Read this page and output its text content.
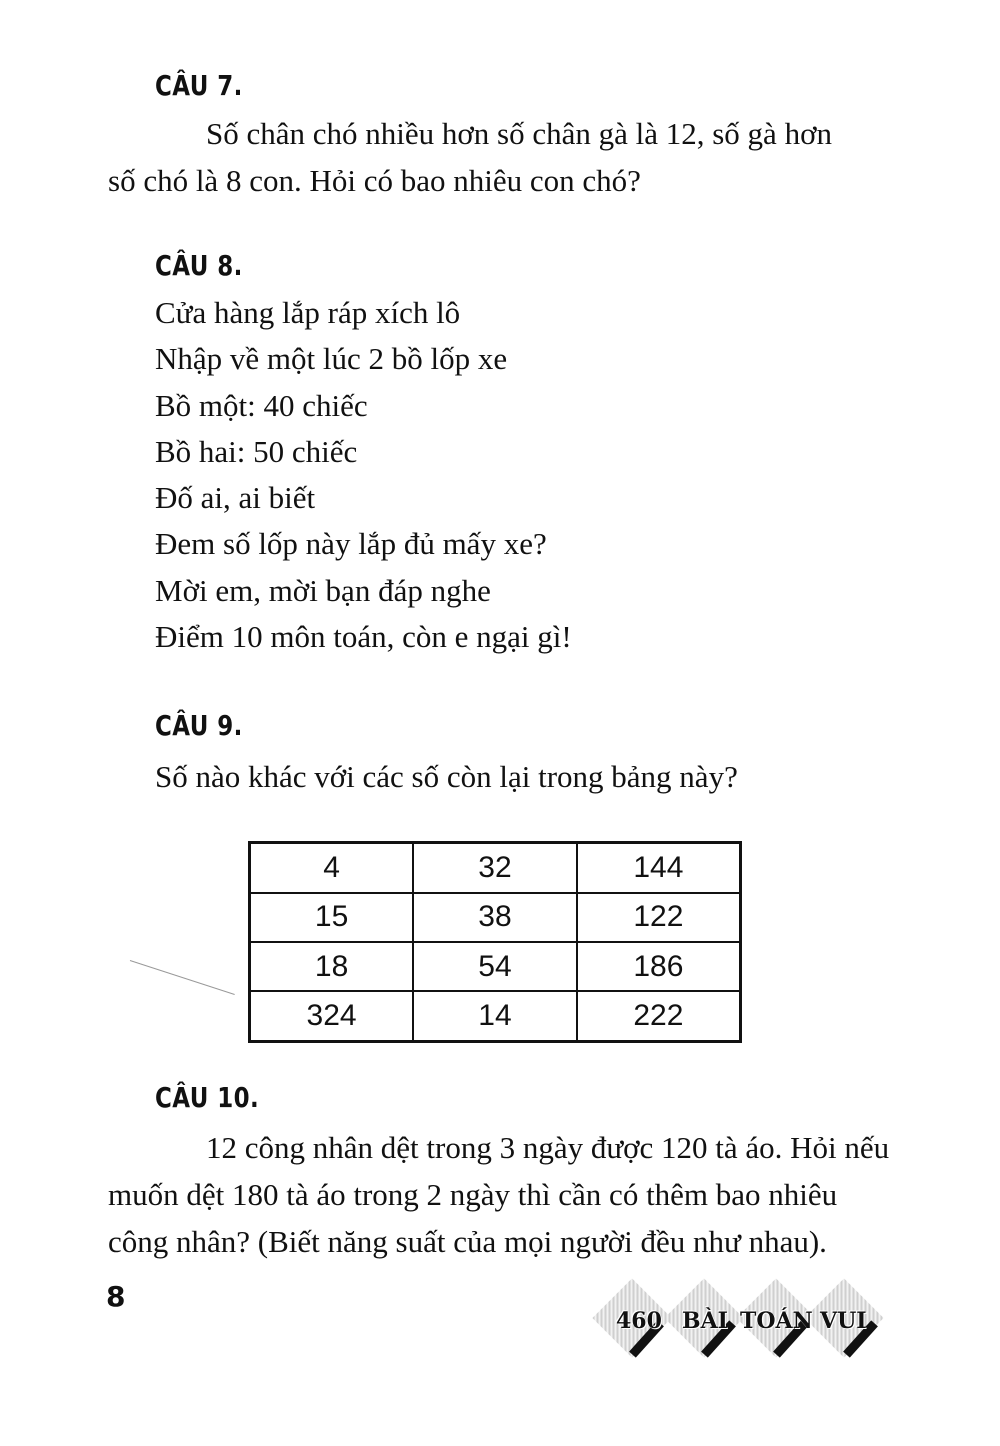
CÂU 7.

Số chân chó nhiều hơn số chân gà là 12, số gà hơn
số chó là 8 con. Hỏi có bao nhiêu con chó?

CÂU 8.
Cửa hàng lắp ráp xích lô
Nhập về một lúc 2 bồ lốp xe
Bồ một: 40 chiếc
Bồ hai: 50 chiếc
Đố ai, ai biết
Đem số lốp này lắp đủ mấy xe?
Mời em, mời bạn đáp nghe
Điểm 10 môn toán, còn e ngại gì!
CÂU 9.

Số nào khác với các số còn lại trong bảng này?

4	32	144
15	38	122
18	54	186
324	14	222
CÂU 10.

12 công nhân dệt trong 3 ngày được 120 tà áo. Hỏi nếu
muốn dệt 180 tà áo trong 2 ngày thì cần có thêm bao nhiêu
công nhân? (Biết năng suất của mọi người đều như nhau).

8
460 BÀI TOÁN VUI
